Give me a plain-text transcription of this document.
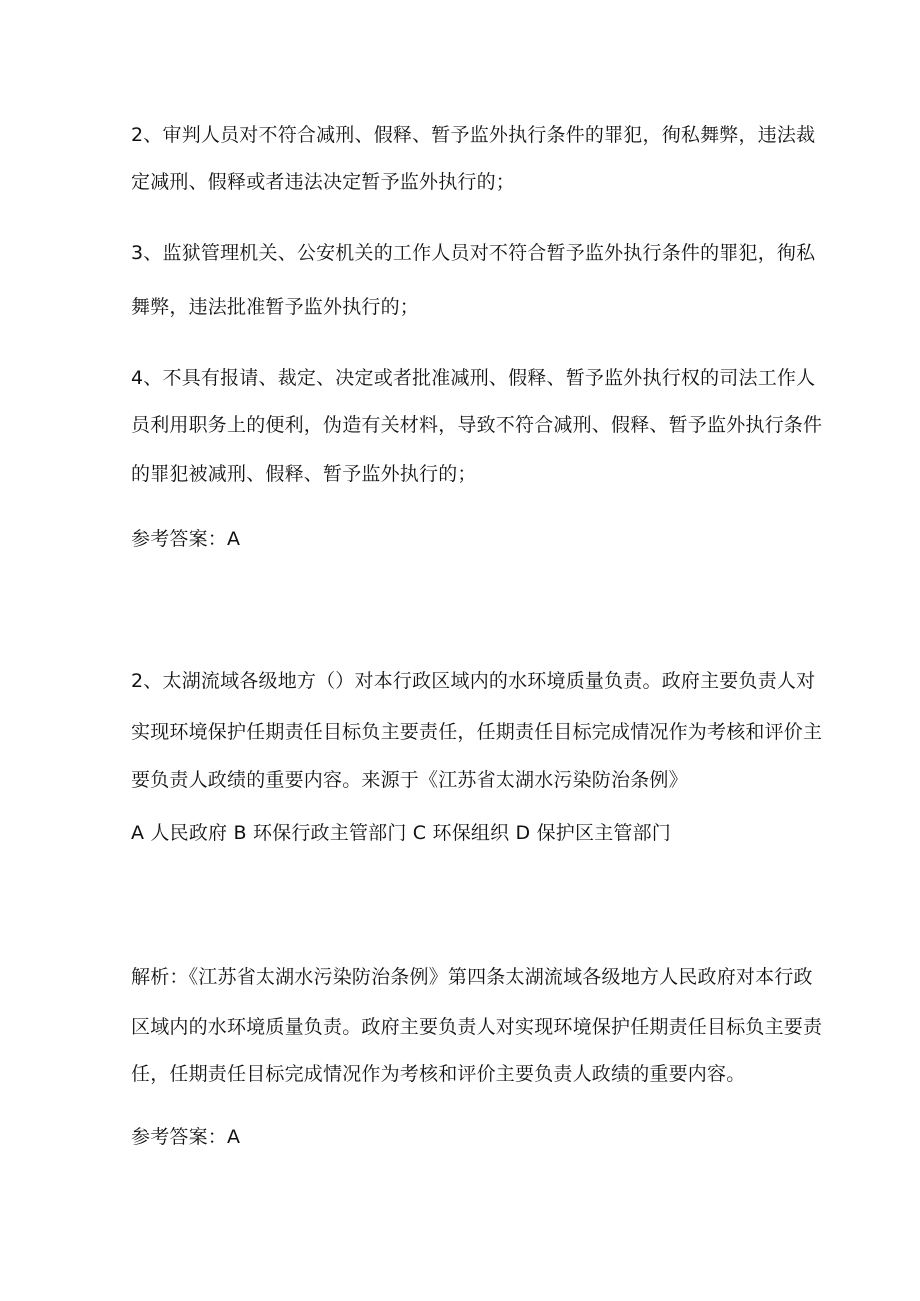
2、审判人员对不符合减刑、假释、暂予监外执行条件的罪犯，徇私舞弊，违法裁
定减刑、假释或者违法决定暂予监外执行的；
3、监狱管理机关、公安机关的工作人员对不符合暂予监外执行条件的罪犯，徇私
舞弊，违法批准暂予监外执行的；
4、不具有报请、裁定、决定或者批准减刑、假释、暂予监外执行权的司法工作人
员利用职务上的便利，伪造有关材料，导致不符合减刑、假释、暂予监外执行条件
的罪犯被减刑、假释、暂予监外执行的；
参考答案：A
2、太湖流域各级地方（）对本行政区域内的水环境质量负责。政府主要负责人对
实现环境保护任期责任目标负主要责任，任期责任目标完成情况作为考核和评价主
要负责人政绩的重要内容。来源于《江苏省太湖水污染防治条例》
A 人民政府 B 环保行政主管部门 C 环保组织 D 保护区主管部门
解析：《江苏省太湖水污染防治条例》第四条太湖流域各级地方人民政府对本行政
区域内的水环境质量负责。政府主要负责人对实现环境保护任期责任目标负主要责
任，任期责任目标完成情况作为考核和评价主要负责人政绩的重要内容。
参考答案：A
